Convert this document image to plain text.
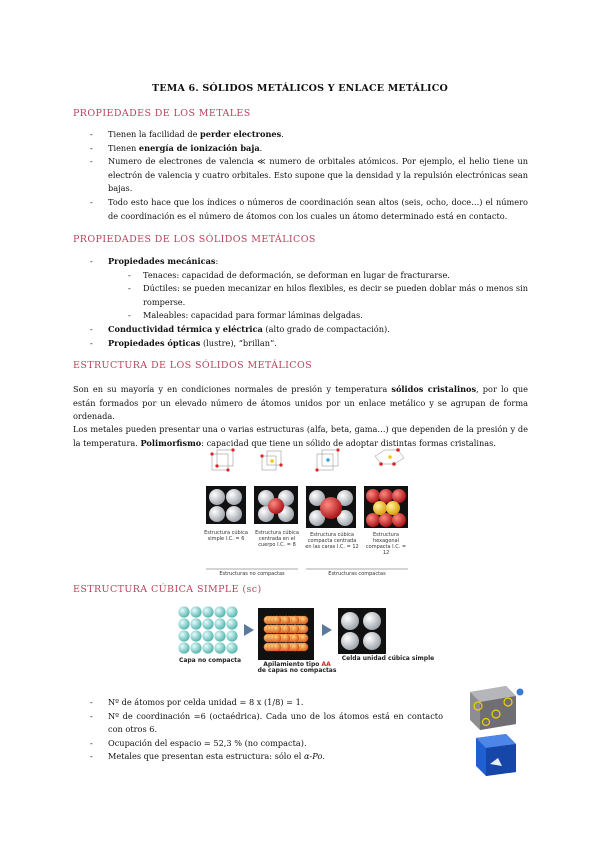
TEMA 6. SÓLIDOS METÁLICOS Y ENLACE METÁLICO
PROPIEDADES DE LOS METALES
- Tienen la facilidad de perder electrones.
- Tienen energía de ionización baja.
- Numero de electrones de valencia ≪ numero de orbitales atómicos. Por ejemplo, el helio tiene un electrón de valencia y cuatro orbitales. Esto supone que la densidad y la repulsión electrónicas sean bajas.
- Todo esto hace que los índices o números de coordinación sean altos (seis, ocho, doce…) el número de coordinación es el número de átomos con los cuales un átomo determinado está en contacto.
PROPIEDADES DE LOS SÓLIDOS METÁLICOS
- Propiedades mecánicas:
- Tenaces: capacidad de deformación, se deforman en lugar de fracturarse.
- Dúctiles: se pueden mecanizar en hilos flexibles, es decir se pueden doblar más o menos sin romperse.
- Maleables: capacidad para formar láminas delgadas.
- Conductividad térmica y eléctrica (alto grado de compactación).
- Propiedades ópticas (lustre), “brillan”.
ESTRUCTURA DE LOS SÓLIDOS METÁLICOS

Son en su mayoría y en condiciones normales de presión y temperatura sólidos cristalinos, por lo que están formados por un elevado número de átomos unidos por un enlace metálico y se agrupan de forma ordenada.

Los metales pueden presentar una o varias estructuras (alfa, beta, gama…) que dependen de la presión y de la temperatura. Polimorfismo: capacidad que tiene un sólido de adoptar distintas formas cristalinas.

Estructura cúbica simple I.C. = 6
Estructura cúbica centrada en el cuerpo I.C. = 8
Estructura cúbica compacta centrada en las caras I.C. = 12
Estructura hexagonal compacta I.C. = 12
Estructuras no compactas	Estructuras compactas
ESTRUCTURA CÚBICA SIMPLE (sc)
Capa no compacta
Apilamiento tipo AA
de capas no compactas
Celda unidad cúbica simple
- Nº de átomos por celda unidad = 8 x (1/8) = 1.
- Nº de coordinación =6 (octaédrica). Cada uno de los átomos está en contacto con otros 6.
- Ocupación del espacio = 52,3 % (no compacta).
- Metales que presentan esta estructura: sólo el α-Po.
